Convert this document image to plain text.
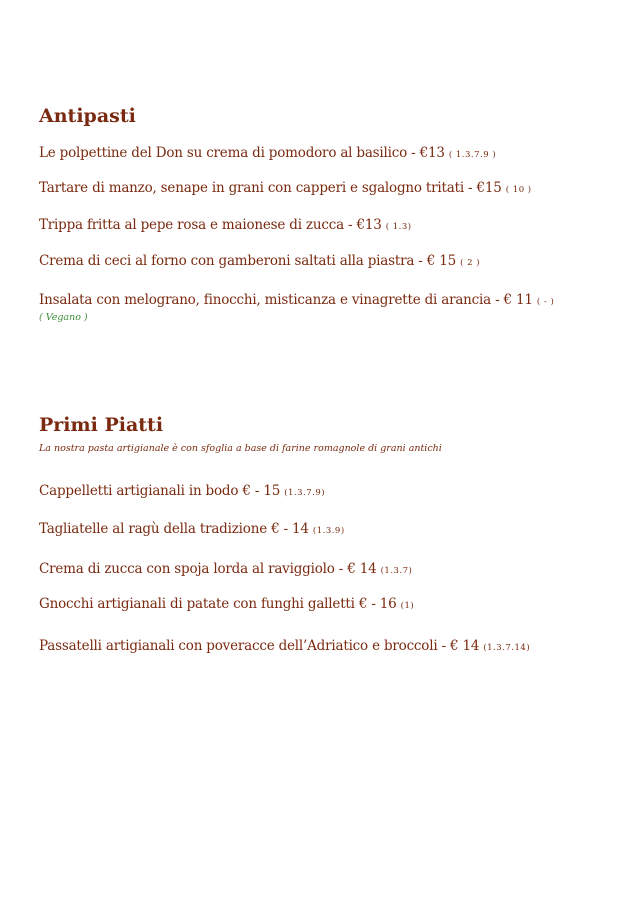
Antipasti
Le polpettine del Don su crema di pomodoro al basilico - €13 ( 1.3.7.9 )
Tartare di manzo, senape in grani con capperi e sgalogno tritati - €15 ( 10 )
Trippa fritta al pepe rosa e maionese di zucca - €13 ( 1.3)
Crema di ceci al forno con gamberoni saltati alla piastra - € 15 ( 2 )
Insalata con melograno, finocchi, misticanza e vinagrette di arancia - € 11 ( - )
( Vegano )
Primi Piatti
La nostra pasta artigianale è con sfoglia a base di farine romagnole di grani antichi
Cappelletti artigianali in bodo € - 15 (1.3.7.9)
Tagliatelle al ragù della tradizione € - 14 (1.3.9)
Crema di zucca con spoja lorda al raviggiolo - € 14 (1.3.7)
Gnocchi artigianali di patate con funghi galletti € - 16 (1)
Passatelli artigianali con poveracce dell’Adriatico e broccoli - € 14 (1.3.7.14)
